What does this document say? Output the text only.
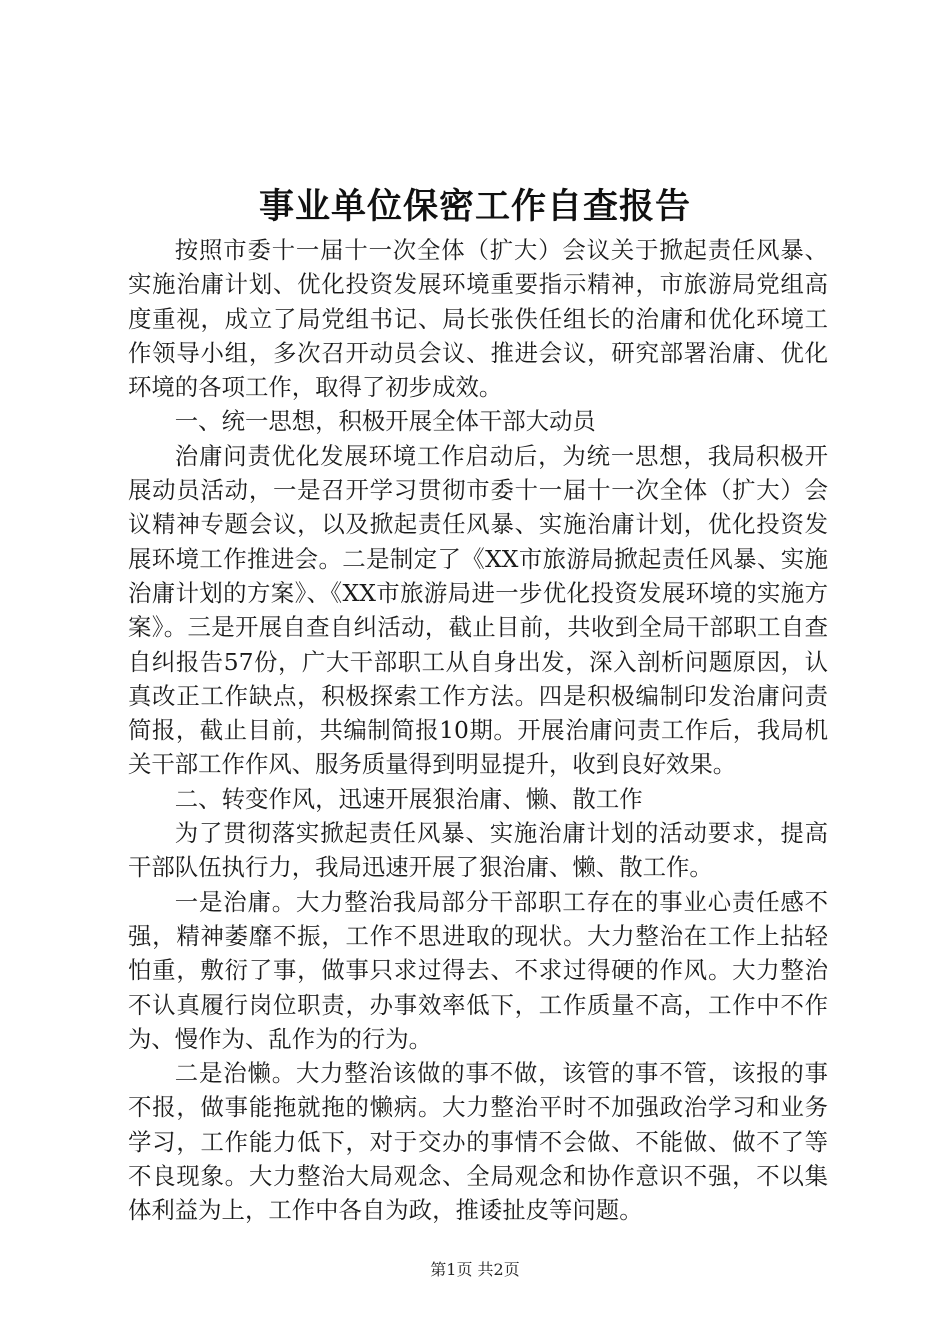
事业单位保密工作自查报告

按照市委十一届十一次全体（扩大）会议关于掀起责任风暴、实施治庸计划、优化投资发展环境重要指示精神，市旅游局党组高度重视，成立了局党组书记、局长张佚任组长的治庸和优化环境工作领导小组，多次召开动员会议、推进会议，研究部署治庸、优化环境的各项工作，取得了初步成效。

一、统一思想，积极开展全体干部大动员

治庸问责优化发展环境工作启动后，为统一思想，我局积极开展动员活动，一是召开学习贯彻市委十一届十一次全体（扩大）会议精神专题会议，以及掀起责任风暴、实施治庸计划，优化投资发展环境工作推进会。二是制定了《XX市旅游局掀起责任风暴、实施治庸计划的方案》、《XX市旅游局进一步优化投资发展环境的实施方案》。三是开展自查自纠活动，截止目前，共收到全局干部职工自查自纠报告57份，广大干部职工从自身出发，深入剖析问题原因，认真改正工作缺点，积极探索工作方法。四是积极编制印发治庸问责简报，截止目前，共编制简报10期。开展治庸问责工作后，我局机关干部工作作风、服务质量得到明显提升，收到良好效果。

二、转变作风，迅速开展狠治庸、懒、散工作

为了贯彻落实掀起责任风暴、实施治庸计划的活动要求，提高干部队伍执行力，我局迅速开展了狠治庸、懒、散工作。

一是治庸。大力整治我局部分干部职工存在的事业心责任感不强，精神萎靡不振，工作不思进取的现状。大力整治在工作上拈轻怕重，敷衍了事，做事只求过得去、不求过得硬的作风。大力整治不认真履行岗位职责，办事效率低下，工作质量不高，工作中不作为、慢作为、乱作为的行为。

二是治懒。大力整治该做的事不做，该管的事不管，该报的事不报，做事能拖就拖的懒病。大力整治平时不加强政治学习和业务学习，工作能力低下，对于交办的事情不会做、不能做、做不了等不良现象。大力整治大局观念、全局观念和协作意识不强，不以集体利益为上，工作中各自为政，推诿扯皮等问题。

第1页 共2页
